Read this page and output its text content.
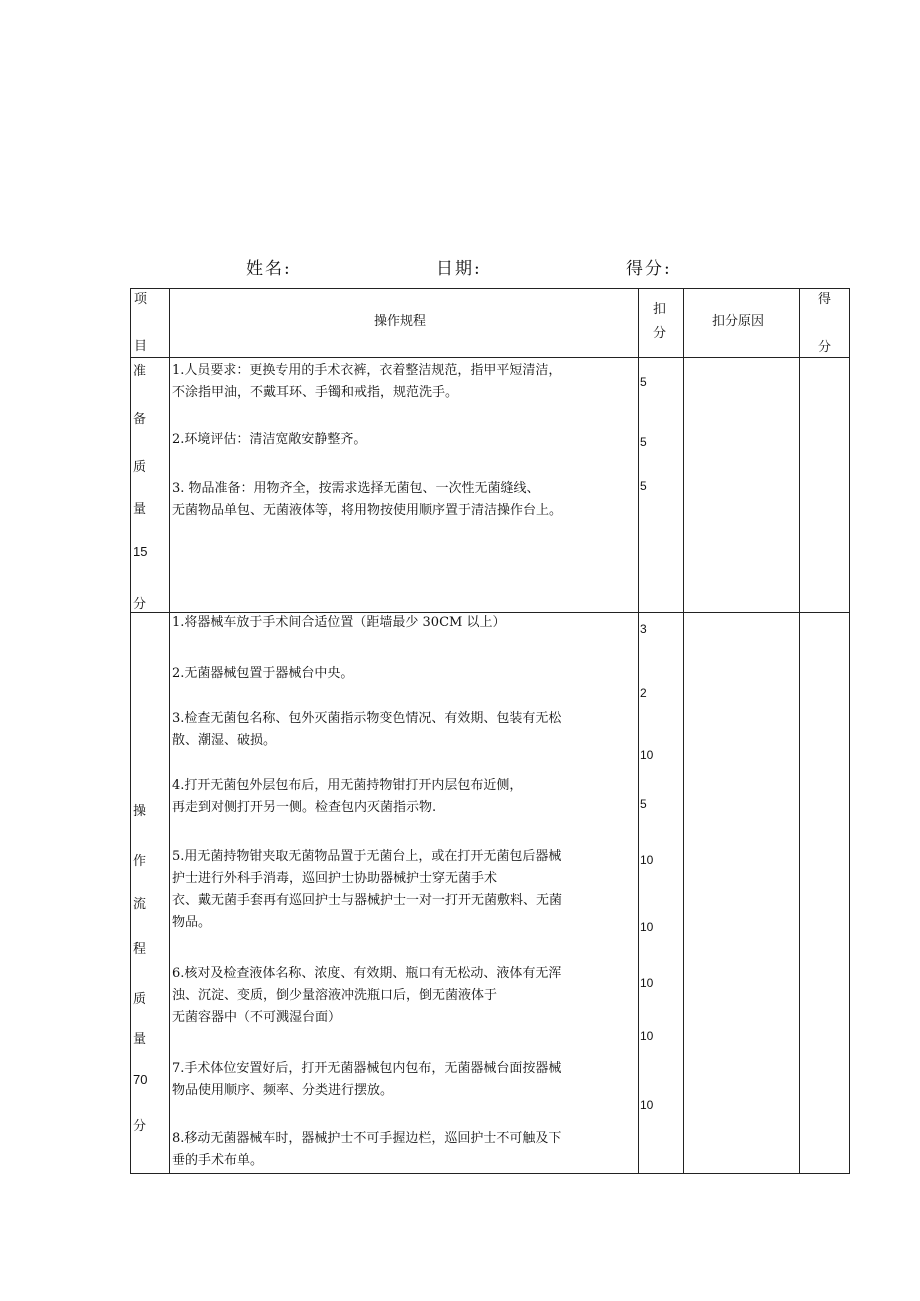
姓名:	日期:	得分:
项
目
操作规程
扣
分
扣分原因
得
分
准
备
质
量
15
分
1.人员要求：更换专用的手术衣裤，衣着整洁规范，指甲平短清洁，
不涂指甲油，不戴耳环、手镯和戒指，规范洗手。
2.环境评估：清洁宽敞安静整齐。
3. 物品准备：用物齐全，按需求选择无菌包、一次性无菌缝线、
无菌物品单包、无菌液体等，将用物按使用顺序置于清洁操作台上。
5
5
5
操
作
流
程
质
量
70
分
1.将器械车放于手术间合适位置（距墙最少 30CM 以上）
2.无菌器械包置于器械台中央。
3.检查无菌包名称、包外灭菌指示物变色情况、有效期、包装有无松
散、潮湿、破损。
4.打开无菌包外层包布后，用无菌持物钳打开内层包布近侧，
再走到对侧打开另一侧。检查包内灭菌指示物.
5.用无菌持物钳夹取无菌物品置于无菌台上，或在打开无菌包后器械
护士进行外科手消毒，巡回护士协助器械护士穿无菌手术
衣、戴无菌手套再有巡回护士与器械护士一对一打开无菌敷料、无菌
物品。
6.核对及检查液体名称、浓度、有效期、瓶口有无松动、液体有无浑
浊、沉淀、变质，倒少量溶液冲洗瓶口后，倒无菌液体于
无菌容器中（不可溅湿台面）
7.手术体位安置好后，打开无菌器械包内包布，无菌器械台面按器械
物品使用顺序、频率、分类进行摆放。
8.移动无菌器械车时，器械护士不可手握边栏，巡回护士不可触及下
垂的手术布单。
3
2
10
5
10
10
10
10
10
